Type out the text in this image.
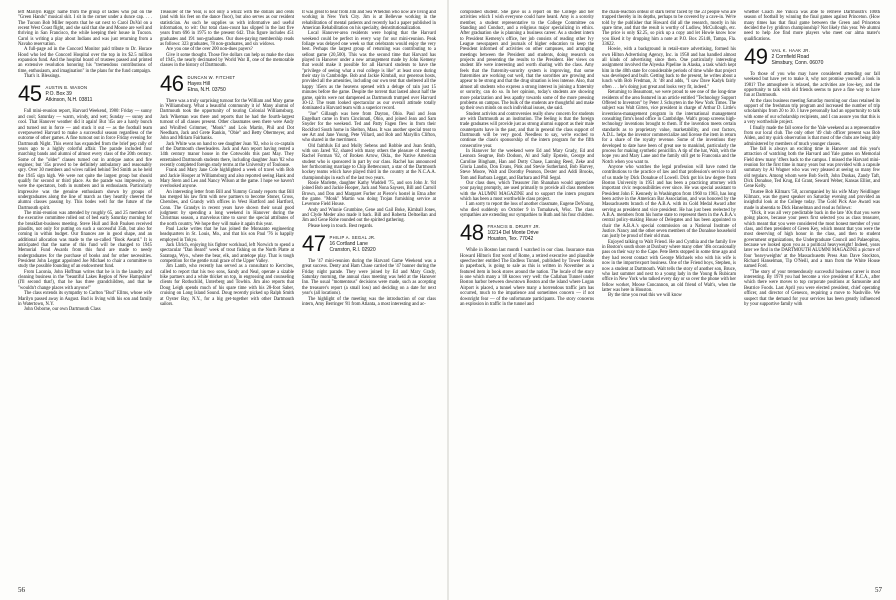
left Marilyn Riggs' name from the group of ladies who put on the "Green Hands" musical skit. I sit in the corner under a dunce cap. . . . The Tucson Bob Miller reports that he sat next to Carol DuVal on a recent West Coast flight, and she said that she and Moone are well and thriving in San Francisco, the while keeping their house in Tucson. Carol is writing a play about Indians and was just returning from a Navaho reservation.

A full-page ad in the Concord Monitor paid tribute to Dr. Horace Hood who led the Concord Hospital over the top in its $2.5 million expansion fund. And the hospital board of trustees passed and printed an extensive resolution honoring his "tremendous contributions of time, enthusiasm, and imagination" in the plans for the fund campaign.

That's it. Blessings.

45 AUSTIN B. WASON
P.O. Box 39
Atkinson, N.H. 03811

Fall mini-reunion report, Harvard Weekend, 1980: Friday — sunny and cool; Saturday — warm, windy, and wet; Sunday — sunny and cool. That Hanover weather did it again! But '45s are a hardy bunch and turned out in force — and stuck it out — as the football team overpowered Harvard to make a successful season regardless of the outcome of other games. A fine turnout out in force Friday evening for Dartmouth Night. This event has expanded from the brief pep rally of years ago to a highly colorful affair. The parade included four marching bands and alumni of almost every class of the 20th century. Some of the "older" classes turned out in antique autos and fire engines; but '45s proved to be definitely ambulatory and reasonably spry. Over 30 members and wives rallied behind Ted Smith as he held the 1945 sign high. We were not quite the largest group but should qualify for second or third place. As the parade was impressive, so were the spectators, both in numbers and in enthusiasm. Particularly impressive was the genuine enthusiasm shown by groups of undergraduates along the line of march as they heartily cheered the alumni classes passing by. This bodes well for the future of the Dartmouth spirit.

The mini-reunion was attended by roughly 65, and 25 members of the executive committee rolled out of bed early Saturday morning for the breakfast-business meeting. Steve Hull and Bob Paulsen received plaudits, not only for putting on such a successful 35th, but also for coming in within budget. Our finances are in good shape, and an additional allocation was made to the so-called "Book Award." It is anticipated that the name of this fund will be changed to 1945 Memorial Fund Awards from this fund are made to needy undergraduates for the purchase of books and for other necessities. President John Leggat appointed Joe Michael to chair a committee to study the possible founding of an endowment fund.

From Laconia, John Hoffman writes that he is in the laundry and cleaning business in the "beautiful Lakes Region of New Hampshire" (I'll second that!), that he has three grandchildren, and that he "wouldn't change places with anyone!"

The class extends its sympathy to Carlton "Bud" Ellms, whose wife Marilyn passed away in August. Bud is living with his son and family in Watertown, N.Y.

John Osborne, our own Dartmouth Class

Treasurer of the Year, is not only a whizz with the dollars and cents (and with his feet on the dance floor), but also serves as our resident statistician. As such he supplies us with informative and useful information, to wit: Our total class-count has slipped in the last five years from 696 in 1975 to the present 642. This figure includes 451 graduates and 191 non-graduates. Our dues-paying membership reads as follows: 323 graduates, 78 non-graduates, and six widows.

Are you one of the over 200 non-dues payers?

Give it some thought. Those five dollars can help us make the class of 1945, the nearly decimated by World War II, one of the memorable classes in the history of Dartmouth.

46 DUNCAN W. FITCHET
Hayes Hill
Etna, N.H. 03750

There was a truly surprising turnout for the William and Mary game in Williamsburg. What a beautiful community it is! Many alumni of Dartmouth took the opportunity of touring Colonial Williamsburg. Jack Wikeman was there and reports that he had the fourth-largest turnout of all classes present. Other classmates seen there were Andy and Winifred Grimmer, "Monk" and Lois Martin, Phil and Dot Needham, Jack and Grete Rankin, "Obie" and Betty Obermeyer, and John and Miriam Fairbanks.

Jack White was on hand to see daughter Joan '82, who is co-captain of the Dartmouth cheerleaders. Jack and Ann report having rented a 14th century manor house in the Cotswolds this past May. They entertained Dartmouth students there, including daughter Joan '82 who recently completed foreign study terms at the University of Toulouse.

Frank and Mary Jane Cole highlighted a week of travel with Bob and Jackie Hooper at Williamsburg and also reported seeing Hank and Mary Stern and Leo and Nancy Wilson at the game. I hope we haven't overlooked anyone.

An interesting letter from Bill and Yummy Grandy reports that Bill has merged his law firm with new partners to become Stoner, Gross, Cherubes, and Grandy with offices in West Hartford and Hartford, Conn. The Grandys in recent years have shown their usual good judgment by spending a long weekend in Hanover during the Christmas season, a marvelous time to savor the special attributes of the north country. We hope they will make it again this year.

Paul Lacke writes that he has joined the Monsanto engineering headquarters in St. Louis, Mo., and that his son Paul '76 is happily employed in Tokyo.

Jack Ulrich, enjoying his fighter workload, left Norwich to spend a spectacular "Dan Beard" week of trout fishing on the North Platte at Saratoga, Wyo., where the bear, elk, and antelope play. That is tough competition for the gentle rural grace of the Upper Valley.

Jim Lamb, who recently has served as a consultant to Kerrcites, called to report that his two sons, Sandy and Neal, operate a sizable bike partners and a white thicket on top, in engrossing and counseling clients for Rothschild, Unterberg and Towbin. Jim also reports that Doug Leigh spends much of his spare time with his 28-foot Saber, cruising on Long Island Sound. Doug recently picked up Ralph Smith at Oyster Bay, N.Y., for a big get-together with other Dartmouth sailors.

It was great to hear from Jim and Sea Wheldon who now are living and working in New York City. Jim is at Bellevue working in the rehabilitation of mental patients and recently had a paper published in American Rehabilitation on his specialty, deinstitutionalization.

Local Hanover-area residents were hoping that the Harvard weekend could be perfect in every way for our mini-reunion. Peak foliage was delayed one week so that celebrants would enjoy the very best. Perhaps the largest group of returning was contributing to a sellout game (20,500). This was the second time that Harvard has played in Hanover under a new arrangement made by John Kemeny that would make it possible for all Harvard students to have the "privilege of seeing what a real college is like" at least once during their stay in Cambridge. Bob and Jackie Kimball, our generous hosts, provided all the amenities, including our own tent that sheltered all the happy '45ers as the heavens opened with a deluge of rain just 15 minutes before the game. Despite the torrent that lasted about half the game, spirits were not dampened as Dartmouth trumped over Harvard 30-12. The team looked spectacular as our overall attitude totally dominated a Harvard team with a superior record.

"Joe" Gillaugh was here from Dayton, Ohio. Paul and Jean Engelhart came in from Cincinnati, Ohio, and joined Jean and Sam Snyder for the weekend. Ted and Patty Fagen flew in from their Rockford South home in Shelton, Mass. It was another special treat to see Art and Jane Young, Pete Villard, and Bob and Maryllin Clifton, who shared in the merriment.

Old faithfuls Ed and Molly Sebens and Robbie and Joan Smith, with son Jared '82, shared with many others the pleasure of meeting Rachel Forman '82, of Broken Arrow, Okla., the Native American student who is sponsored in part by our class. Rachel has announced her forthcoming marriage to Chip Bettencourt, a star of the Dartmouth hockey teams which have played third in the country at the N.C.A.A. championships in each of the last two years.

Rosie Marlette, daughter Kathy Waddell '75, and son John Jr. '84 joined Bob and Jackie Hooper, Jack and Nona Saysers, Bill and Carroll Brown, and Don and Margaret Furber at Pierce's hostel in Etna after the game. "Monk" Martin was doing Trojan furnishing service at Leverone Field House.

Andy and Winnie Grumbine, Gene and Gail Boke, Kimball Jones, and Clyde Meder also made it back. Bill and Roberta Deltoellan and Jim and Gene Rohe rounded out the spirited gathering.

Please keep in touch. Best regards.

47 PHILIP A. SEGAL JR.
16 Cortland Lane
Cranston, R.I. 02920

The '47 mini-reunion during the Harvard Game Weekend was a great success. Denty and Ham Chase carried the '47 banner during the Friday night parade. They were joined by Ed and Mary Grady, Saturday morning, the annual class meeting was held at the Hanover Inn. The usual "momentous" decisions were made, such as accepting the treasurer's report (a small loss) and deciding on a date for next year's (all locations).

The highlight of the meeting was the introduction of our class intern, Amy Berringer '81 from Atlanta, a most interesting and ac-

56

complished student. She gave us a report on the College and her activities which I wish everyone could have heard. Amy is a sorority member, a student representative to the College Committee on Standing and Conduct, and a religious major specializing in ethics. After graduation she is planning a business career. As a student intern to President Kemeny's office, her job consists of reading other Ivy League newspapers and journals of higher education to keep the President informed of activities on other campuses, and arranging meetings between the President and students, doing research on projects and presenting the results to the President. Her views on student life were interesting and worth sharing with the class. Amy feels that the fraternity-sorority system is improving, that some fraternities are working out well, that the sororities are growing and appear to be strong and that the drug situation is less intense. Also, that almost all students who express a strong interest in joining a fraternity or sorority, can do so. In her opinion, today's students are showing more polarization and less apathy towards some of the more pressing problems on campus. The bulk of the students are thoughtful and make up their own minds on such individual issues, she said.

Student activists and controversies really show concern for students are with Dartmouth as an institution. The feeling is that the foreign trade graduates will provide just as strong alumni support as their male counterparts have in the past, and that in general the class support of Dartmouth will be very good. Needless to say, we're excited to continue the class's sponsorship of the intern program for the fifth consecutive year.

In Hanover for the weekend were Ed and Mary Grady, Ed and Leonora Seagrue, Bob Dodson, Al and Sally Epstein, George and Caroline Bingham, Han and Dotty Chase, Lanning Reed, Zeke and Gloria Landio, Don Evans, Pink and Stevie Sutherland, Bob Harvey, Steve Moore, Walt and Dorothy Pearson, Dexter and Addi Brooks, Tom and Barbara Leggat, and Barbara and Phil Segal.

Our class dues, which Treasurer Jim Shanahan would appreciate your paying promptly, are used primarily to provide all class members with the ALUMNI MAGAZINE and to support the intern program which has been a most worthwhile class project.

I am sorry to report the loss of another classmate, Eugene DeYoung, who died suddenly on October 9 in Tomahawk, Wisc. The class sympathies are extending our sympathies to Ruth and his four children.

48 FRANCIS B. DRURY JR.
10214 Del Monte Drive
Houston, Tex. 77042

While in Boston last month I watched in our class. Insurance man Howard Hilton's first word of Rome, a retired executive and plausible speechwriter entitled The Endless Tunnel, published by Tower Books in paperback, is going to sale as this is written in November as a featured item in book stores around the nation. The locale of the story is one which many a '48 knows very well: the Callahan Tunnel under Boston harbor between downtown Boston and the island where Logan Airport is placed, a tunnel where many a horrendous traffic jam has occurred, much to the impatience and sometimes concern — if not downright fear — of the unfortunate participants. The story concerns an explosion in traffic in the tunnel and

the chain-reaction ordeal of stark terror faced by the 23 people who are trapped thereby in its depths, perhaps to be covered by a cave-in. We're told by the publisher that Howard did all the research, mostly in his spare time, and that the result is worthy of Ludlow, McCullough, etc. The price is only $2.25, so pick up a copy and let Howie know how you liked it by dropping him a note at P.O. Box 25148, Tampa, Fla. 33622.

Howie, with a background in retail-store advertising, formed his own Hilton Advertising Agency, Inc. in 1958 and has handled almost all kinds of advertising since then. One particularly interesting assignment involved the Alyeska Pipeline in Alaska, a task which kept him in the 40th state for considerable periods of time while that project was developed and built. Getting back to the present, he writes about a lunch with Bob Fredman, Jr. '48 and adds, "I saw Dave Kadyk fairly often . . . he's doing just great and looks very fit, indeed."

Returning to Beaumont, we were proud to see one of the long-time residents of the area featured in an article entitled "Technology Support Offered to Inventors" by Peter J. Schuyten in the New York Times. The subject was Walt Girten, vice president in charge of Arthur D. Little's inventions-management program in the international management consulting firm's head office in Cambridge. Walt's group screens high-technology inventions brought to them. If the invention meets certain standards as to proprietary value, marketability, and cost factors, A.D.L. helps the inventor commercialize and license the item in return for a share of the royalty revenue. Some of the inventions they developed to date have been of great use to mankind, particularly the process for making synthetic penicillin. A tip of the hat, Walt, with the hope you and Mary Lane and the family still get to Franconia and the Notch when you want to.

Anyone who watches the legal profession will have noted the contributions to the practice of law and that profession's service to all of us made by Dick Donahue of Lowell. Dick got his law degree from Boston University in 1951 and has been a practicing attorney with important civic responsibilities ever since. He was special assistant to President John F. Kennedy in Washington from 1960 to 1963, has long been active in the American Bar Association, and was honored by the Massachusetts branch of the A.B.A. with its Gold Medal Award after serving as president and vice president. He has just been reelected by A.B.A. members from his home state to represent them in the A.B.A.'s central policy-making House of Delegates and has been appointed to chair the A.B.A.'s special commission on a National Institute of Justice. Nancy and the other seven members of the Donahue household can justly be proud of their old man.

Enjoyed talking to Walt Friend. He and Cynthia and the family live in Boston's south shore at Duxbury where many other '48s occasionally pass on their way to the Cape. Pete Betts stopped in some time ago and they had recent contact with George Michaels who with his wife is now in the import/export business. One of the Friend boys, Stephen, is now a student at Dartmouth. Walt tells the story of another son, Bruce, who last summer and next to a young lady in the Young & Rubicam office in New York who talked every day or so over the phone with her fellow worker, Moose Concannon, an old friend of Walt's, when the latter was here in Houston.

By the time you read this we will know

whether Coach Joe Yukica was able to retrieve Dartmouth's 100th season of football by winning the final games against Princeton. (How many times has that final game between the Green and Princeton decided the Ivy gridiron championship? Not likely this year. We alumni need to help Joe find more players who meet our alma mater's qualifications.

49 VAIL K. HAAK JR.
2 Cornfield Road
Simsbury, Conn. 06070

To those of you who may have considered attending our fall weekend but have yet to make it, why not promise yourself a look in 1981? The atmosphere is relaxed, the activities are low-key, and the opportunity to talk with old friends seems to pave a fine way to have fun at Dartmouth.

At the class business meeting Saturday morning our class retained its support of the freshman trip program and increased the number of trip scholarships from 20 to 30. I have personally had an opportunity to talk with some of our scholarship recipients, and I can assure you that this is a very worthwhile project.

I finally made the fall scene for the Yale weekend as a representative from our local club. The only other '49 club officer present was Bob Alden, and my quick observation is that most of the clubs are being ably administered by members of much younger classes.

The fall is always an exciting time in Hanover and this year's attraction of watching both the Harvard and Yale games on Memorial Field drew many '49ers back to the campus. I missed the Harvard mini-reunion for the first time in many years but was provided with a capsule summary by Al Wagner who was very pleased at seeing so many few old regulars. Among whom were Bob Swift, John Duskas, Zandy Taft, Dick Donahue, Ted Krug, Ed Grant, Seward Weber, Kansas Elliot, and Gene Kelly.

Trustee Bob Kilmarx '50, accompanied by his wife Mary Neidlinger Kilmarx, was the guest speaker on Saturday evening and provided an insightful look at the College today. The Gold Pick Axe Award was made in absentia to Dick Hanselman and read as follows:

"Dick, it was all very predictable back in the late '40s that you were going places, because your peers first selected you as class treasurer, which meant that you were considered the most honest member of your class, and then president of Green Key, which meant that you were the most deserving of high honor in the class, and then to student government organizations, the Undergraduate Council and Palaeopitus, because we looked upon you as a political heavyweight! Indeed, years later we find in the DARTMOUTH ALUMNI MAGAZINE a picture of four 'heavyweights' at the Massachusetts Press Ann Dave Stockton, Richard Hanselman, Tip O'Neill, and a man from the White House named Ford.

"The story of your tremendously successful business career is most interesting. By 1970 you had become a vice president of R.C.A., after which there were moves to top corporate positions at Samsonite and Beatrice Foods. Last April you were elected president, chief operating officer, and director of Genesco, requiring a move to Nashville. We suspect that the demand for your services has been greatly influenced by your supportive family with

57
